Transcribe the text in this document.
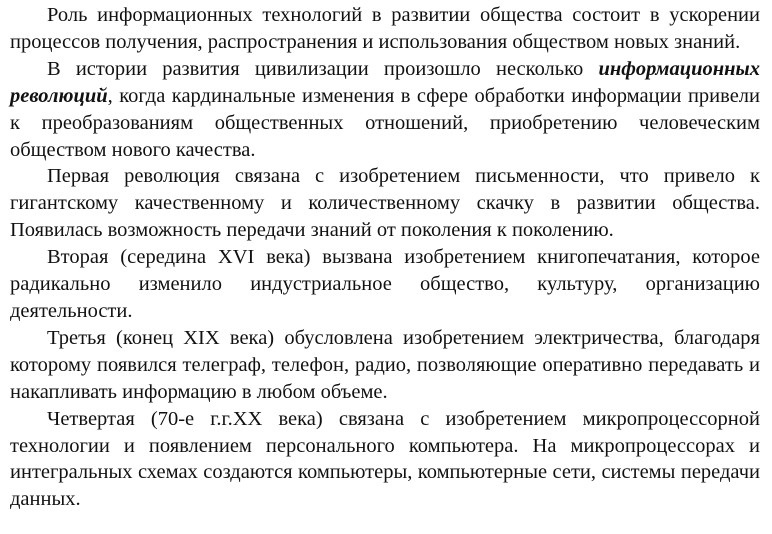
Роль информационных технологий в развитии общества состоит в ускорении процессов получения, распространения и использования обществом новых знаний.

В истории развития цивилизации произошло несколько информационных революций, когда кардинальные изменения в сфере обработки информации привели к преобразованиям общественных отношений, приобретению человеческим обществом нового качества.

Первая революция связана с изобретением письменности, что привело к гигантскому качественному и количественному скачку в развитии общества. Появилась возможность передачи знаний от поколения к поколению.

Вторая (середина XVI века) вызвана изобретением книгопечатания, которое радикально изменило индустриальное общество, культуру, организацию деятельности.

Третья (конец XIX века) обусловлена изобретением электричества, благодаря которому появился телеграф, телефон, радио, позволяющие оперативно передавать и накапливать информацию в любом объеме.

Четвертая (70-е г.г.XX века) связана с изобретением микропроцессорной технологии и появлением персонального компьютера. На микропроцессорах и интегральных схемах создаются компьютеры, компьютерные сети, системы передачи данных.
